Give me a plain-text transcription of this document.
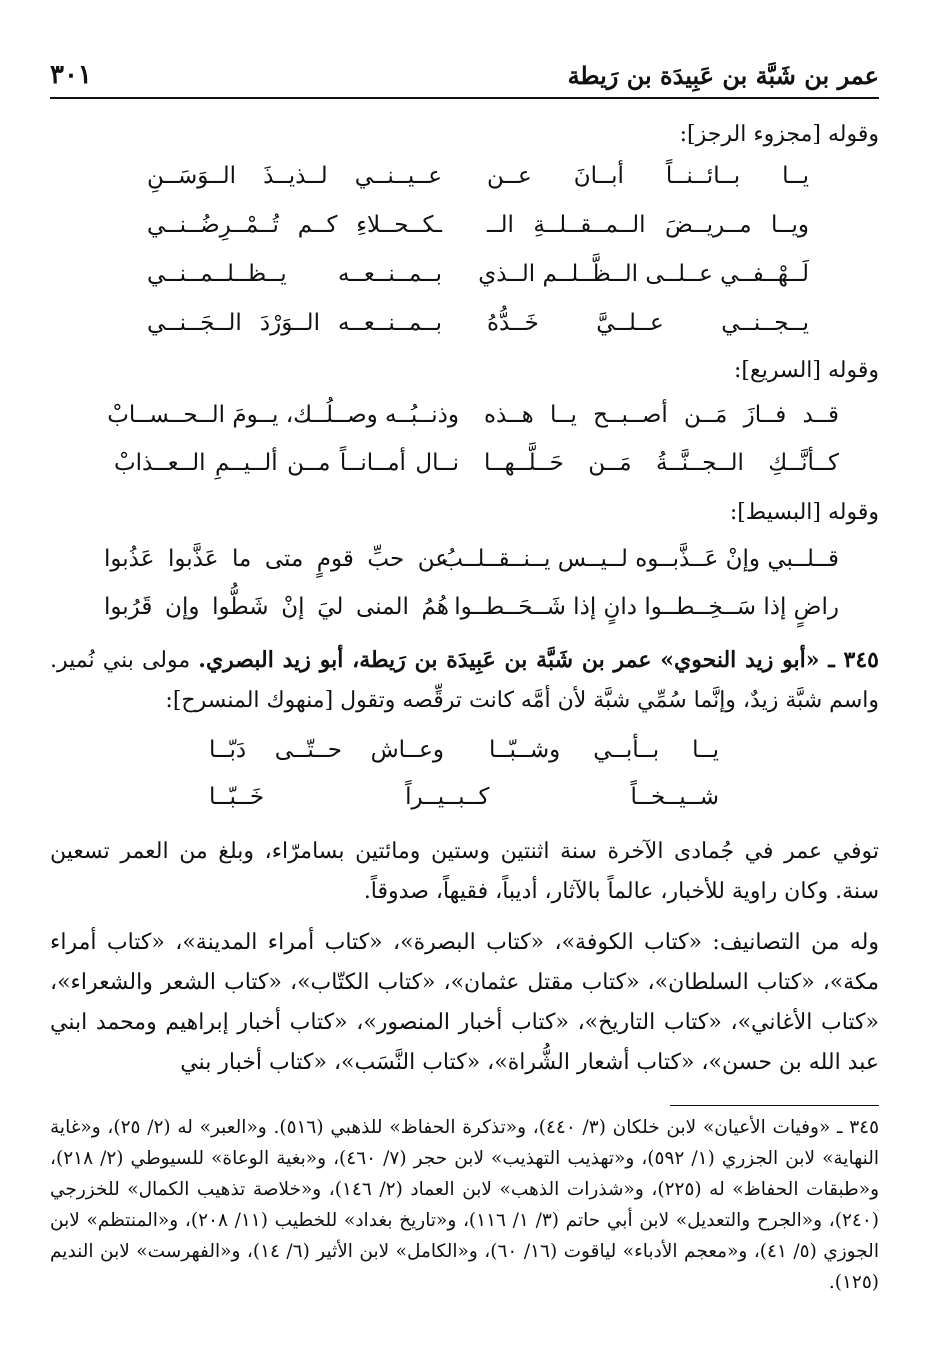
٣٠١	عمر بن شَبَّة بن عَبِيدَة بن رَيطة
وقوله [مجزوء الرجز]:
يــا بــائــنــاً أبــانَ عــن
عــيــنــي لــذيــذَ الــوَسَــنِ
ويــا مــريــضَ الــمــقــلــةِ الــ
ـكــحــلاءِ كــم تُــمْــرِضُــنــي
لَــهْــفــي عــلــى الــظَّــلــم الــذي
بــمــنــعــه يــظــلــمــنــي
يــجــنــي عــلــيَّ خَــدُّهُ
بــمــنــعــه الــوَرْدَ الــجَــنــي
وقوله [السريع]:
قــد فــازَ مَــن أصــبــح يــا هــذه
وذنــبُــه وصــلُــك، يــومَ الــحــســابْ
كــأنَّــكِ الــجــنَّــةُ مَــن حَــلَّــهــا
نــال أمــانــاً مــن ألــيــمِ الــعــذابْ
وقوله [البسيط]:
قــلــبي وإنْ عَــذَّبــوه لــيــس يــنــقــلــبُ
عن حبِّ قومٍ متى ما عَذَّبوا عَذُبوا
راضٍ إذا سَــخِــطــوا دانٍ إذا شَــحَــطــوا
هُمُ المنى ليَ إنْ شَطُّوا وإن قَرُبوا
٣٤٥ ـ «أبو زيد النحوي» عمر بن شَبَّة بن عَبِيدَة بن رَيطة، أبو زيد البصري. مولى بني نُمير. واسم شبَّة زيدٌ، وإنَّما سُمِّي شبَّة لأن أمَّه كانت ترقِّصه وتقول [منهوك المنسرح]:
يــا بــأبــي وشــبّــا
وعــاش حــتّــى دَبّــا
شــيــخــاً كــبــيــراً خَــبّــا
توفي عمر في جُمادى الآخرة سنة اثنتين وستين ومائتين بسامرّاء، وبلغ من العمر تسعين سنة. وكان راوية للأخبار، عالماً بالآثار، أديباً، فقيهاً، صدوقاً.
وله من التصانيف: «كتاب الكوفة»، «كتاب البصرة»، «كتاب أمراء المدينة»، «كتاب أمراء مكة»، «كتاب السلطان»، «كتاب مقتل عثمان»، «كتاب الكتّاب»، «كتاب الشعر والشعراء»، «كتاب الأغاني»، «كتاب التاريخ»، «كتاب أخبار المنصور»، «كتاب أخبار إبراهيم ومحمد ابني عبد الله بن حسن»، «كتاب أشعار الشُّراة»، «كتاب النَّسَب»، «كتاب أخبار بني
٣٤٥ ـ «وفيات الأعيان» لابن خلكان (٣/ ٤٤٠)، و«تذكرة الحفاظ» للذهبي (٥١٦). و«العبر» له (٢/ ٢٥)، و«غاية النهاية» لابن الجزري (١/ ٥٩٢)، و«تهذيب التهذيب» لابن حجر (٧/ ٤٦٠)، و«بغية الوعاة» للسيوطي (٢/ ٢١٨)، و«طبقات الحفاظ» له (٢٢٥)، و«شذرات الذهب» لابن العماد (٢/ ١٤٦)، و«خلاصة تذهيب الكمال» للخزرجي (٢٤٠)، و«الجرح والتعديل» لابن أبي حاتم (٣/ ١/ ١١٦)، و«تاريخ بغداد» للخطيب (١١/ ٢٠٨)، و«المنتظم» لابن الجوزي (٥/ ٤١)، و«معجم الأدباء» لياقوت (١٦/ ٦٠)، و«الكامل» لابن الأثير (٦/ ١٤)، و«الفهرست» لابن النديم (١٢٥).
